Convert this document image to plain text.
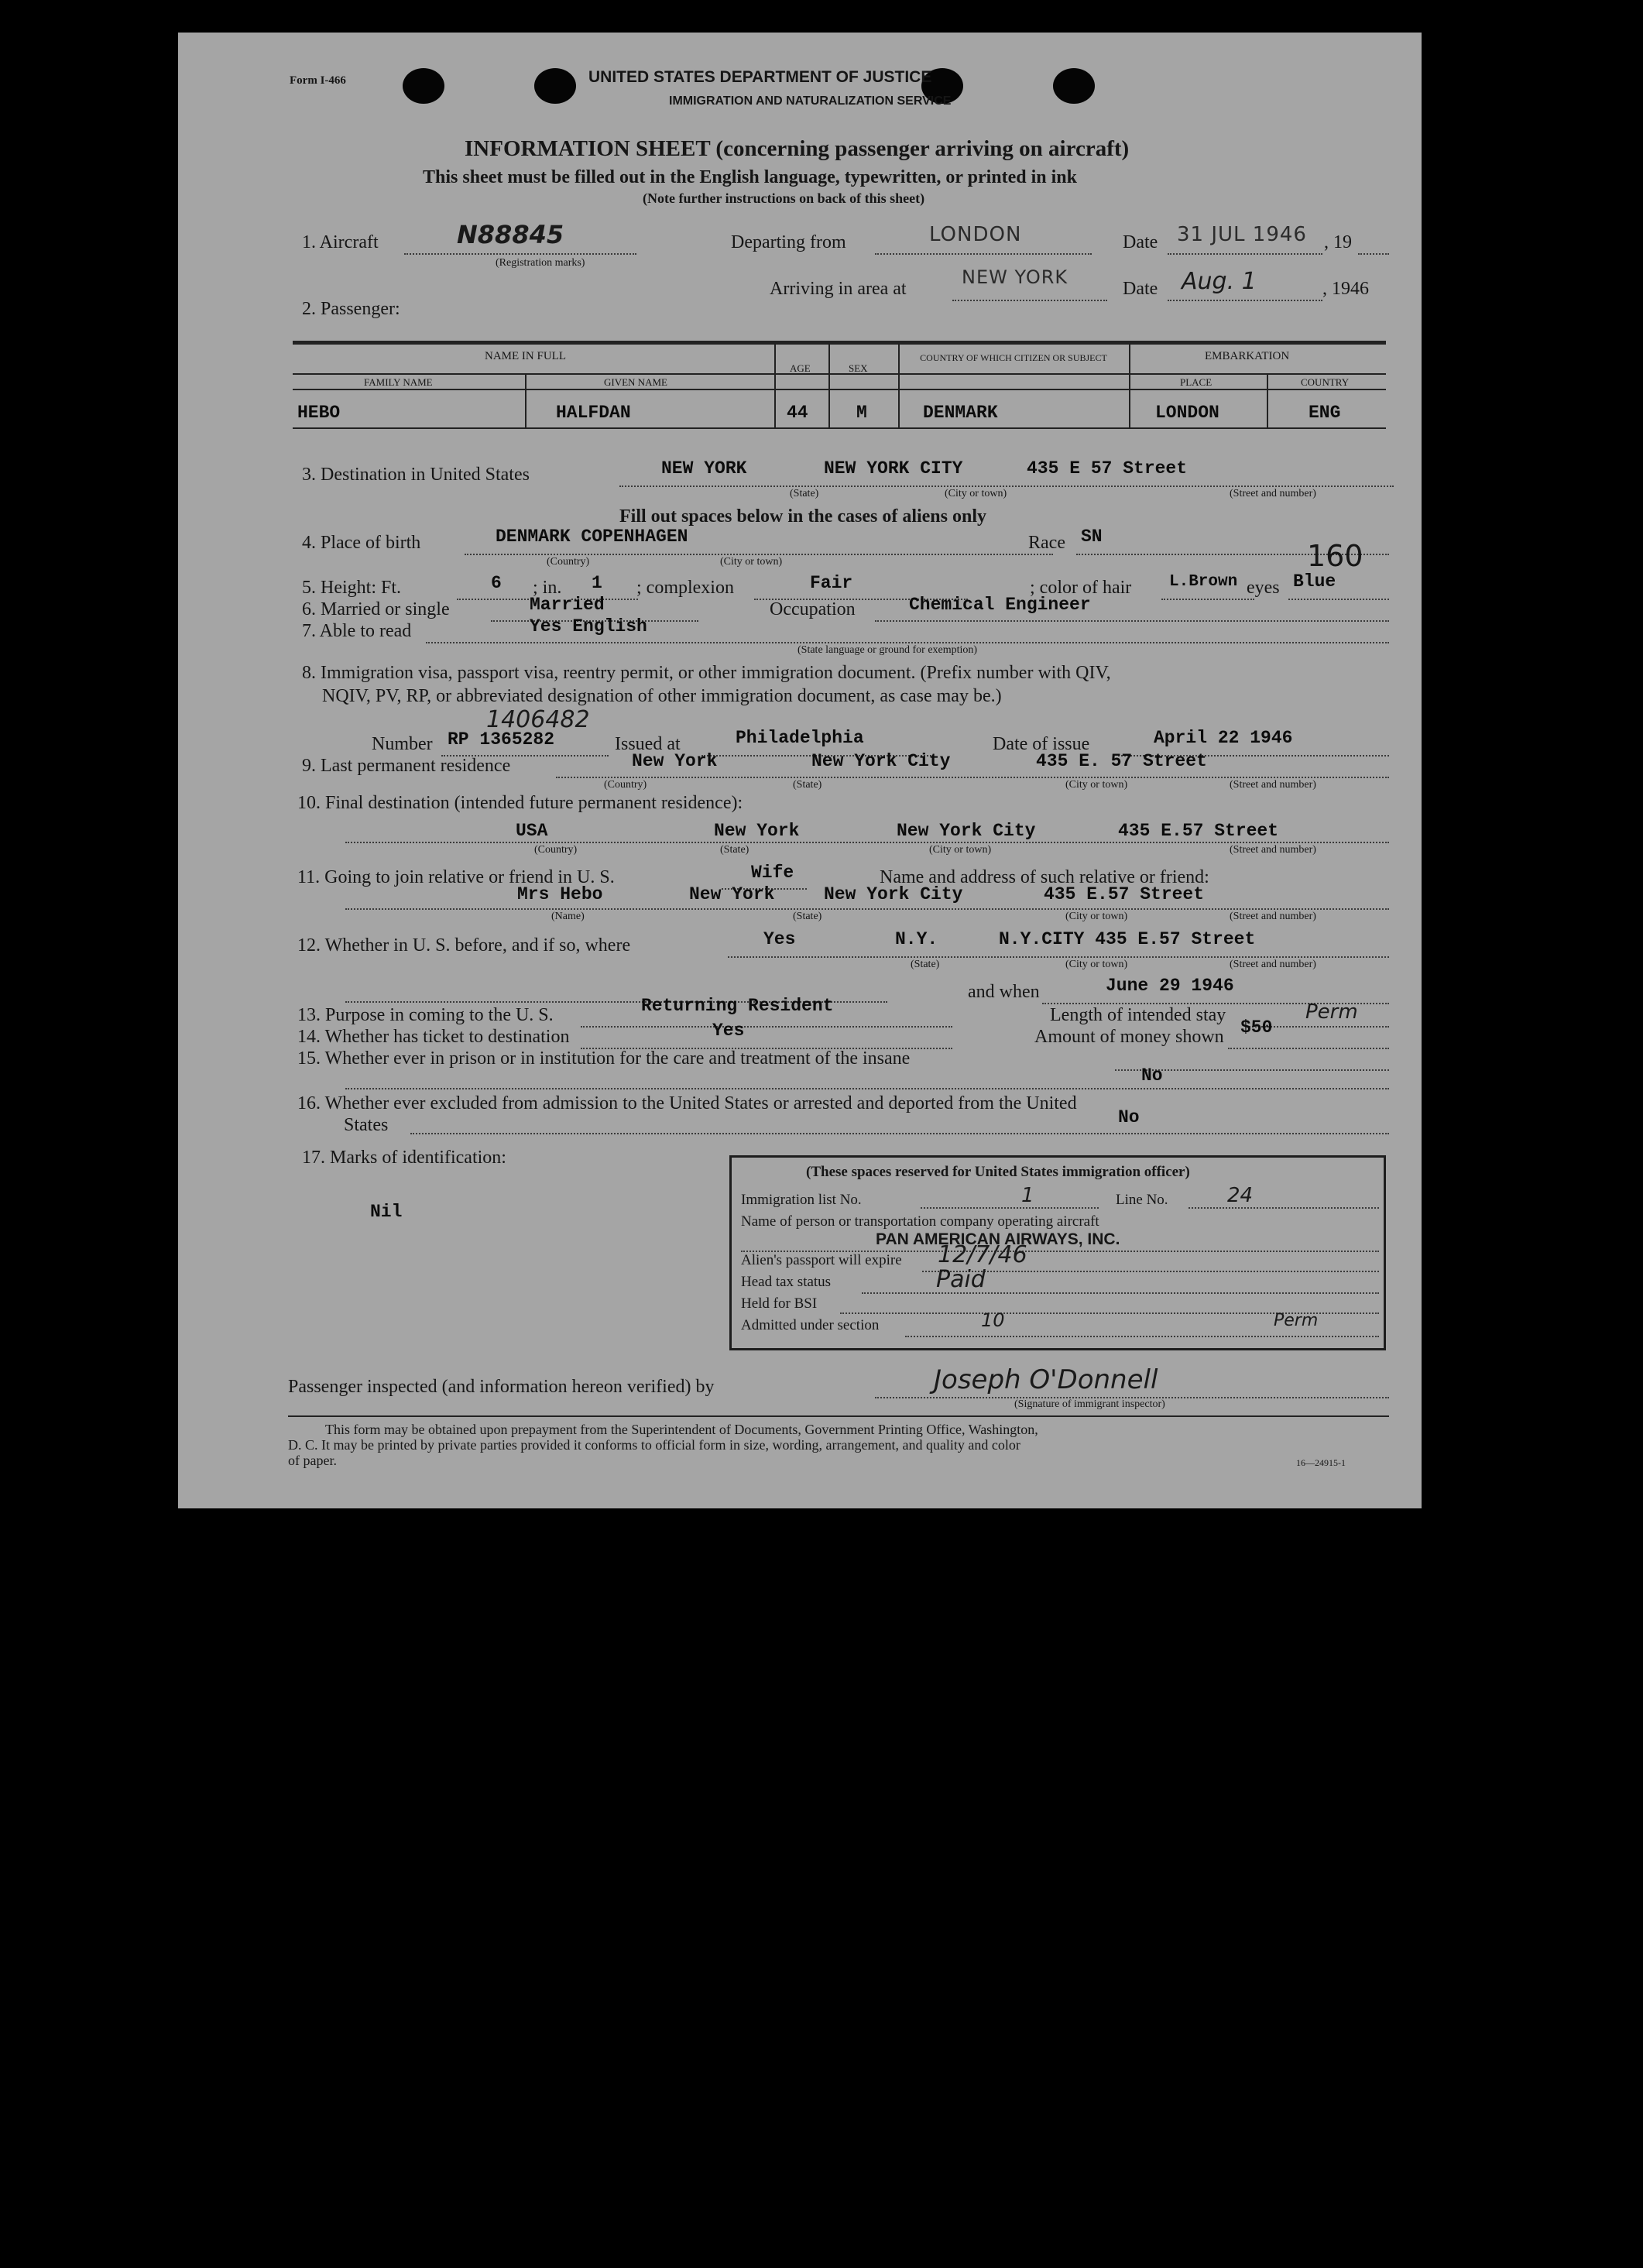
Form I-466	UNITED STATES DEPARTMENT OF JUSTICE
IMMIGRATION AND NATURALIZATION SERVICE
INFORMATION SHEET (concerning passenger arriving on aircraft)
This sheet must be filled out in the English language, typewritten, or printed in ink
(Note further instructions on back of this sheet)
1. Aircraft	N88845
(Registration marks)
Departing from	LONDON	Date 31 JUL 1946 , 19
Arriving in area at
NEW YORK
Date Aug. 1	, 1946
2. Passenger:
NAME IN FULL
FAMILY NAME	GIVEN NAME
AGE	SEX
COUNTRY OF WHICH CITIZEN OR SUBJECT	EMBARKATION
PLACE	COUNTRY
HEBO	HALFDAN	44	M	DENMARK	LONDON	ENG
3. Destination in United States	NEW YORK	NEW YORK CITY	435 E 57 Street
(State)	(City or town)	(Street and number)
Fill out spaces below in the cases of aliens only
4. Place of birth	DENMARK COPENHAGEN
(Country)	(City or town)
Race SN
160
5. Height: Ft.	6 ; in. 1 ; complexion	Fair	; color of hair L.Brown eyes Blue
6. Married or single	Married	Occupation	Chemical Engineer
7. Able to read	Yes English
(State language or ground for exemption)
8. Immigration visa, passport visa, reentry permit, or other immigration document. (Prefix number with QIV,
NQIV, PV, RP, or abbreviated designation of other immigration document, as case may be.)
1406482
Number RP 1365282	Issued at	Philadelphia	Date of issue	April 22 1946
9. Last permanent residence	New York	New York City	435 E. 57 Street
(Country)	(State)	(City or town)	(Street and number)
10. Final destination (intended future permanent residence):
USA	New York	New York City	435 E.57 Street
(Country)	(State)	(City or town)	(Street and number)
11. Going to join relative or friend in U. S.	Wife	Name and address of such relative or friend:
Mrs Hebo	New York	New York City	435 E.57 Street
(Name)	(State)	(City or town)	(Street and number)
12. Whether in U. S. before, and if so, where	Yes	N.Y.	N.Y.CITY 435 E.57 Street
(State)	(City or town)	(Street and number)
and when	June 29 1946
13. Purpose in coming to the U. S.	Returning Resident	Length of intended stay	Perm
14. Whether has ticket to destination	Yes	Amount of money shown $50
15. Whether ever in prison or in institution for the care and treatment of the insane
No
16. Whether ever excluded from admission to the United States or arrested and deported from the United
States	No
17. Marks of identification:
Nil
(These spaces reserved for United States immigration officer)
Immigration list No.	1	Line No.	24
Name of person or transportation company operating aircraft
PAN AMERICAN AIRWAYS, INC.
Alien's passport will expire 12/7/46
Head tax status	Paid
Held for BSI
Admitted under section	10	Perm
Passenger inspected (and information hereon verified) by	Joseph O'Donnell
(Signature of immigrant inspector)
This form may be obtained upon prepayment from the Superintendent of Documents, Government Printing Office, Washington,
D. C. It may be printed by private parties provided it conforms to official form in size, wording, arrangement, and quality and color
of paper.	16—24915-1
